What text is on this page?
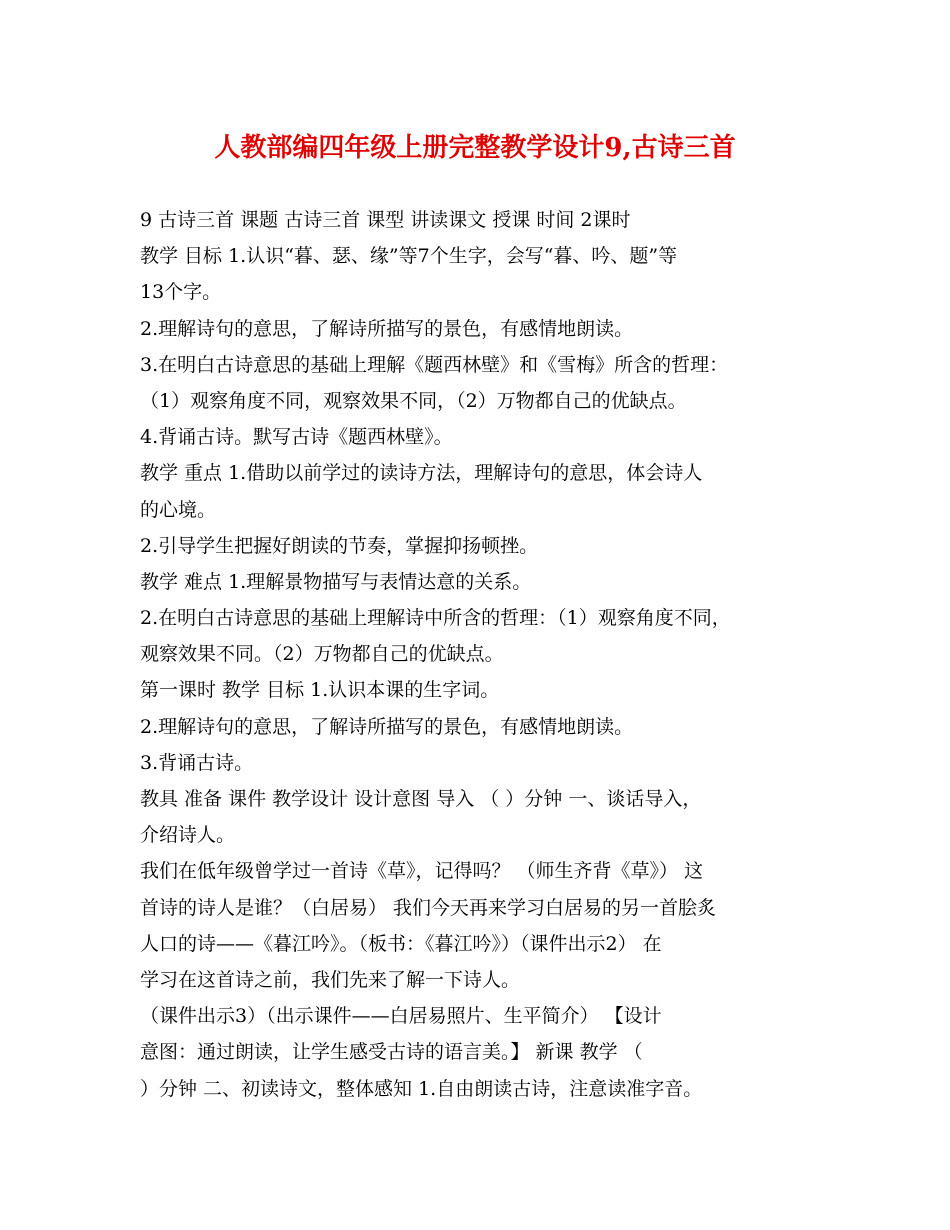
人教部编四年级上册完整教学设计9,古诗三首
9 古诗三首 课题 古诗三首 课型 讲读课文 授课 时间 2课时
教学 目标 1.认识“暮、瑟、缘”等7个生字，会写“暮、吟、题”等
13个字。
2.理解诗句的意思，了解诗所描写的景色，有感情地朗读。
3.在明白古诗意思的基础上理解《题西林壁》和《雪梅》所含的哲理：
（1）观察角度不同，观察效果不同，（2）万物都自己的优缺点。
4.背诵古诗。默写古诗《题西林壁》。
教学 重点 1.借助以前学过的读诗方法，理解诗句的意思，体会诗人
的心境。
2.引导学生把握好朗读的节奏，掌握抑扬顿挫。
教学 难点 1.理解景物描写与表情达意的关系。
2.在明白古诗意思的基础上理解诗中所含的哲理：（1）观察角度不同，
观察效果不同。（2）万物都自己的优缺点。
第一课时 教学 目标 1.认识本课的生字词。
2.理解诗句的意思，了解诗所描写的景色，有感情地朗读。
3.背诵古诗。
教具 准备 课件 教学设计 设计意图 导入 （ ）分钟 一、谈话导入，
介绍诗人。
我们在低年级曾学过一首诗《草》，记得吗？ （师生齐背《草》） 这
首诗的诗人是谁？（白居易） 我们今天再来学习白居易的另一首脍炙
人口的诗——《暮江吟》。（板书：《暮江吟》）（课件出示2） 在
学习在这首诗之前，我们先来了解一下诗人。
（课件出示3）（出示课件——白居易照片、生平简介） 【设计
意图：通过朗读，让学生感受古诗的语言美。】 新课 教学 （
）分钟 二、初读诗文，整体感知 1.自由朗读古诗，注意读准字音。
